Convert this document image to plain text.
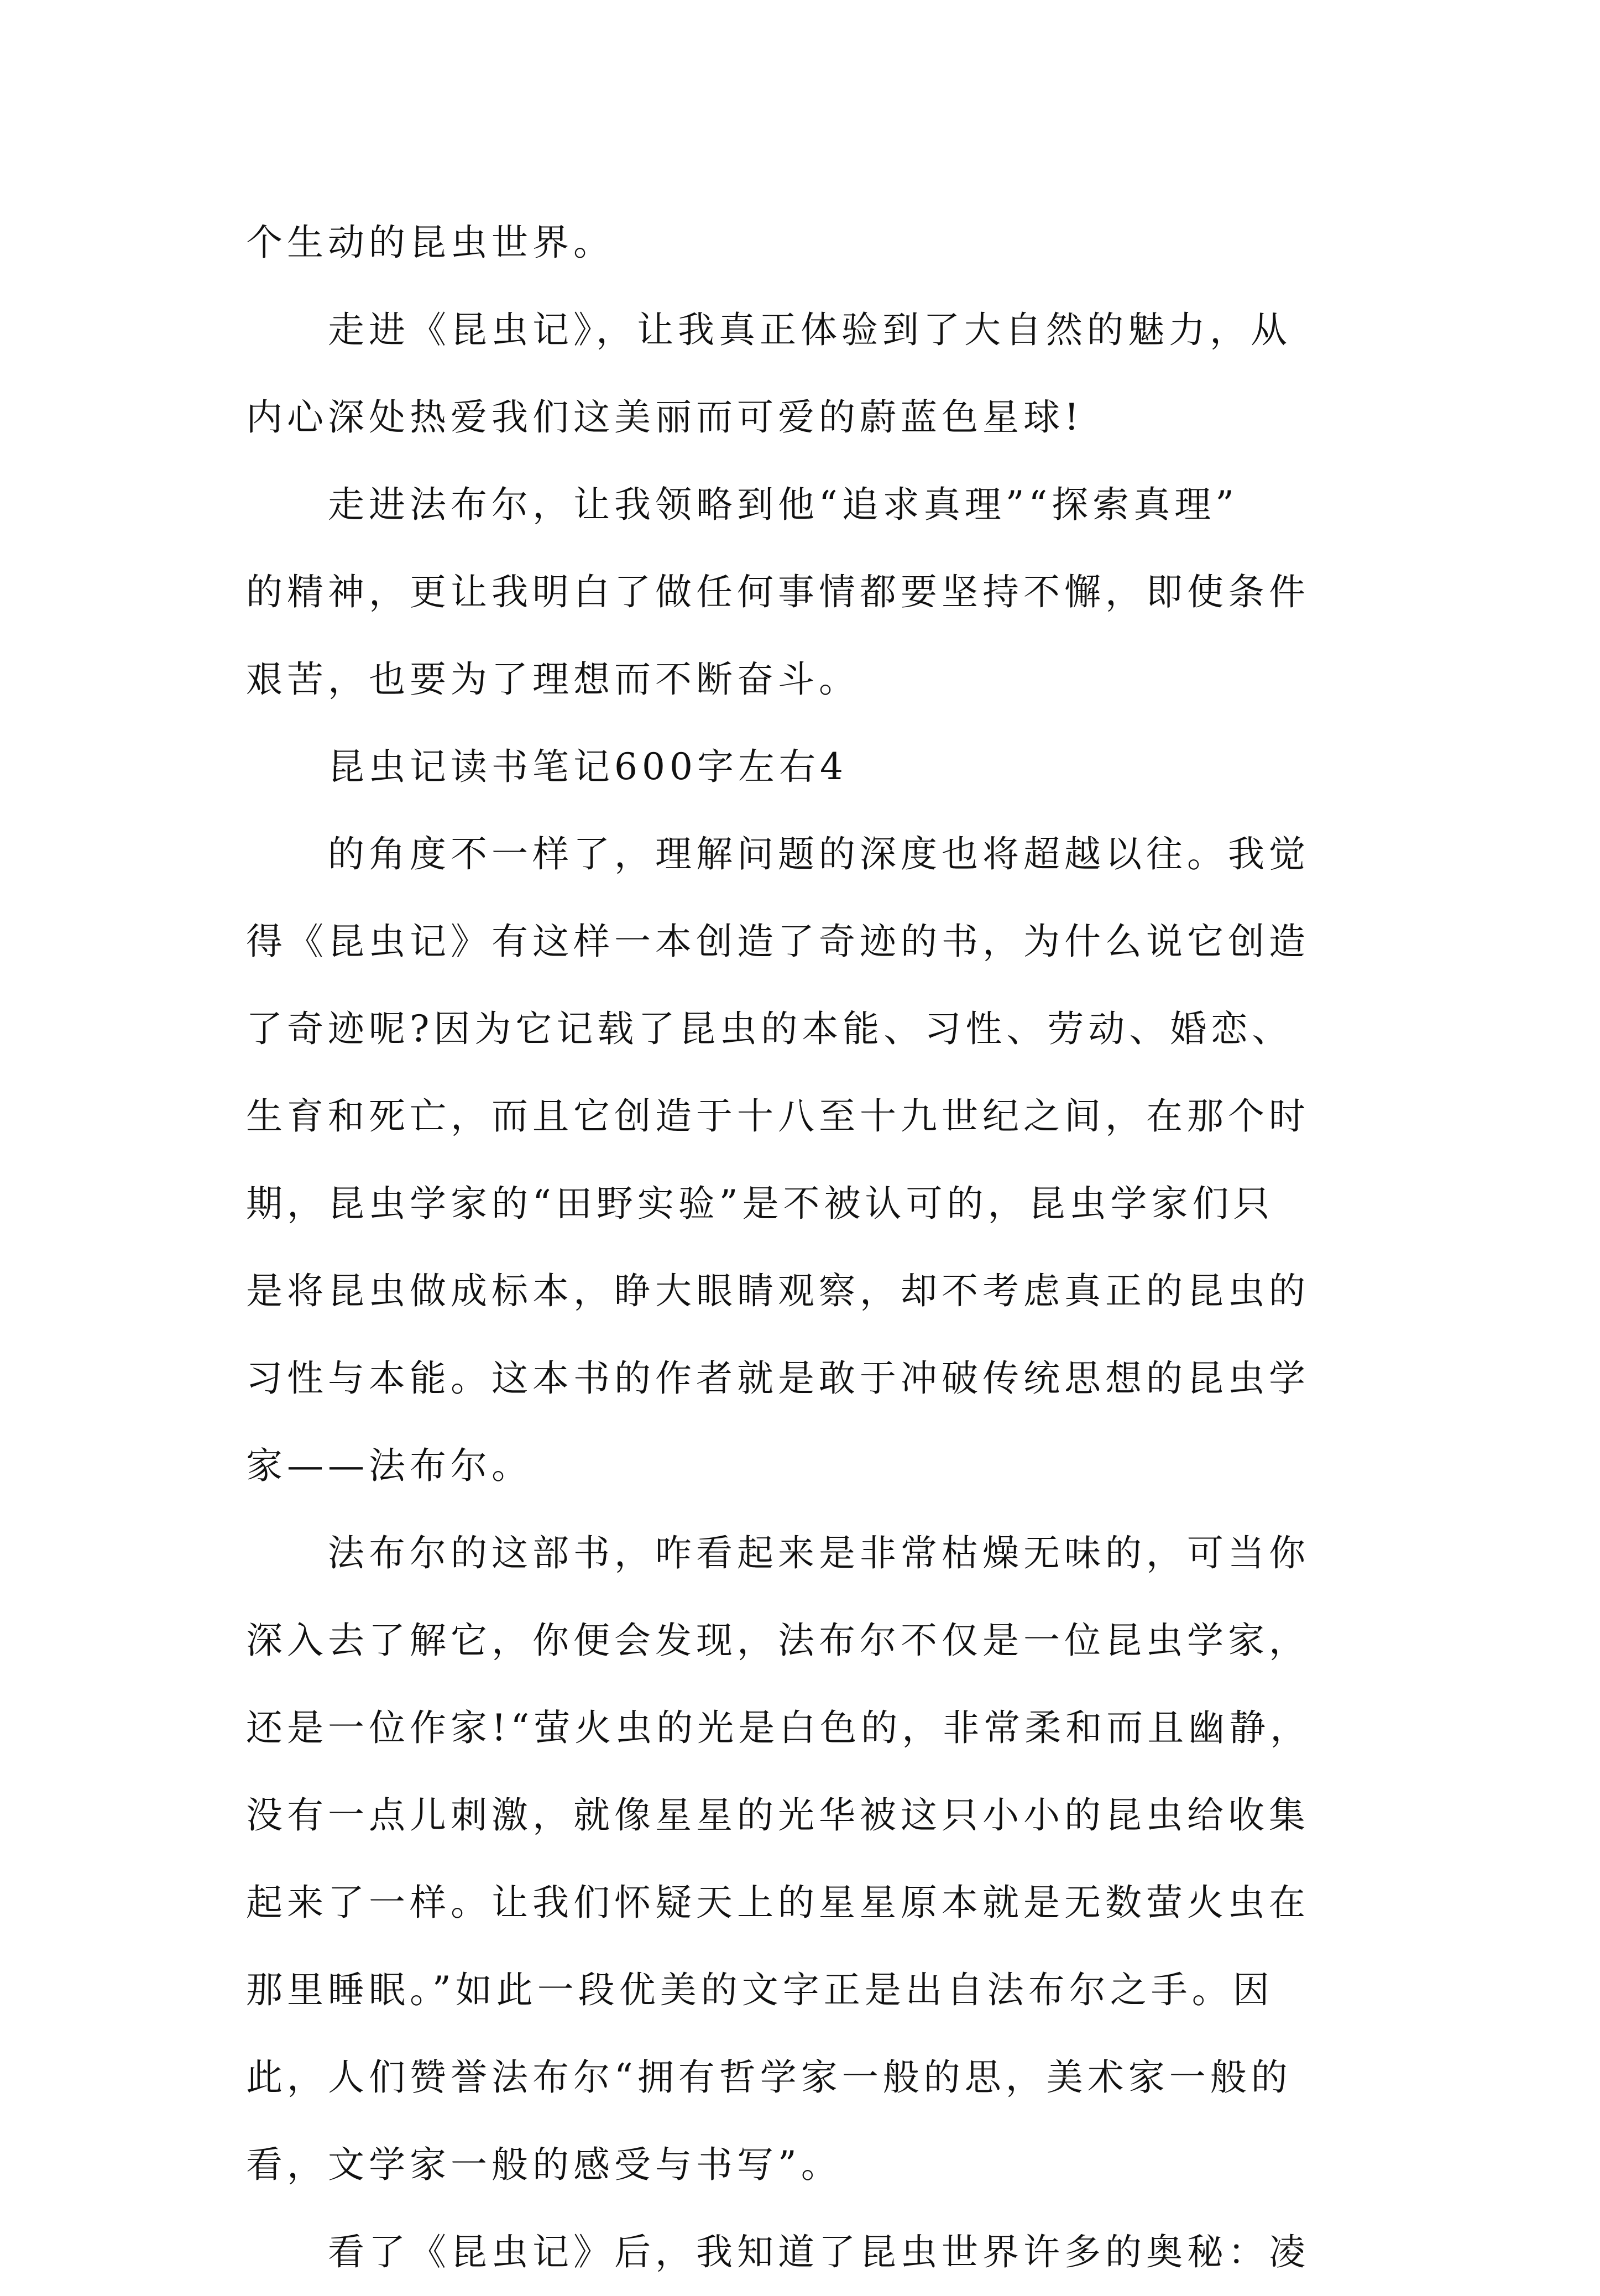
个生动的昆虫世界。
走进《昆虫记》，让我真正体验到了大自然的魅力，从
内心深处热爱我们这美丽而可爱的蔚蓝色星球!
走进法布尔，让我领略到他“追求真理”“探索真理”
的精神，更让我明白了做任何事情都要坚持不懈，即使条件
艰苦，也要为了理想而不断奋斗。
昆虫记读书笔记600字左右4
的角度不一样了，理解问题的深度也将超越以往。我觉
得《昆虫记》有这样一本创造了奇迹的书，为什么说它创造
了奇迹呢?因为它记载了昆虫的本能、习性、劳动、婚恋、
生育和死亡，而且它创造于十八至十九世纪之间，在那个时
期，昆虫学家的“田野实验”是不被认可的，昆虫学家们只
是将昆虫做成标本，睁大眼睛观察，却不考虑真正的昆虫的
习性与本能。这本书的作者就是敢于冲破传统思想的昆虫学
家——法布尔。
法布尔的这部书，咋看起来是非常枯燥无味的，可当你
深入去了解它，你便会发现，法布尔不仅是一位昆虫学家，
还是一位作家!“萤火虫的光是白色的，非常柔和而且幽静，
没有一点儿刺激，就像星星的光华被这只小小的昆虫给收集
起来了一样。让我们怀疑天上的星星原本就是无数萤火虫在
那里睡眠。”如此一段优美的文字正是出自法布尔之手。因
此，人们赞誉法布尔“拥有哲学家一般的思，美术家一般的
看，文学家一般的感受与书写”。
看了《昆虫记》后，我知道了昆虫世界许多的奥秘：凌
